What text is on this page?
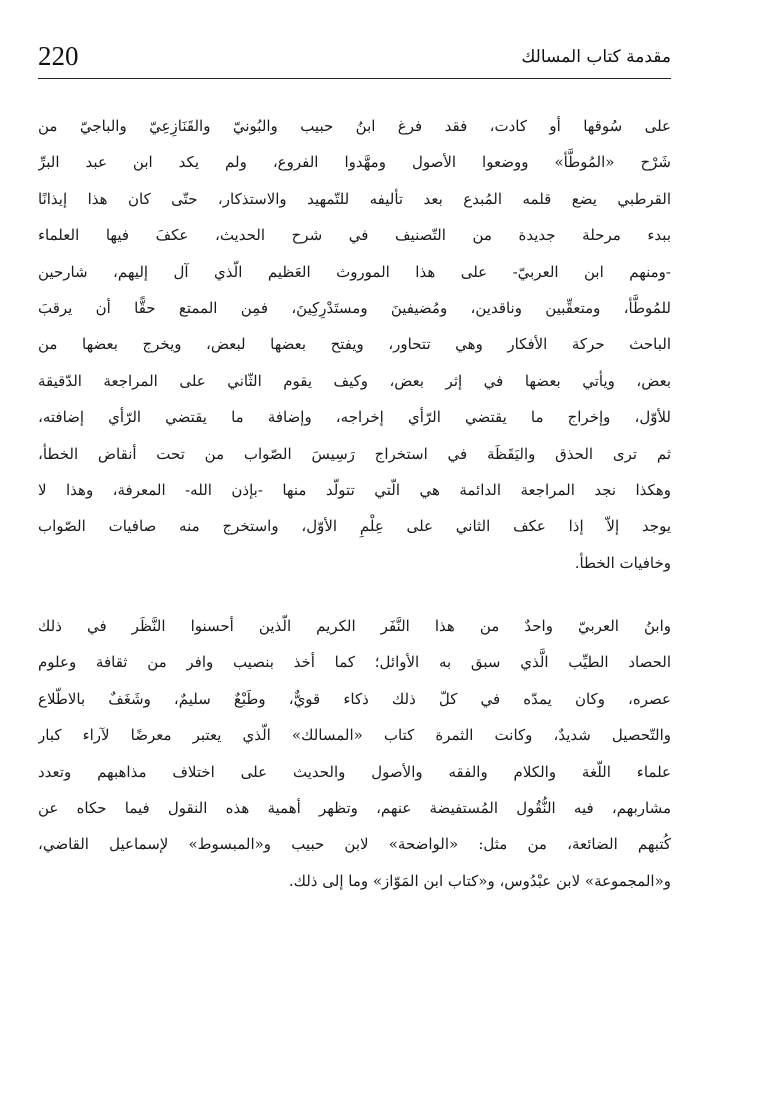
220	مقدمة كتاب المسالك
على سُوقها أو كادت، فقد فرغ ابنُ حبيب والبُونيّ والقَنَازِعِيّ والباجيّ من
شَرْح «المُوطَّأ» ووضعوا الأصول ومهَّدوا الفروع، ولم يكد ابن عبد البرِّ
القرطبي يضع قلمه المُبدع بعد تأليفه للتّمهيد والاستذكار، حتّى كان هذا إيذانًا
ببدء مرحلة جديدة من التّصنيف في شرح الحديث، عكفَ فيها العلماء
-ومنهم ابن العربيّ- على هذا الموروث العَظيم الّذي آل إليهم، شارحين
للمُوطَّأ، ومتعقِّبين وناقدين، ومُضيفينَ ومستَدْرِكِينَ، فمِن الممتع حقًّا أن يرقبَ
الباحث حركة الأفكار وهي تتحاور، ويفتح بعضها لبعض، ويخرج بعضها من
بعض، ويأتي بعضها في إثر بعض، وكيف يقوم الثّاني على المراجعة الدّقيقة
للأوّل، وإخراج ما يقتضي الرّأي إخراجه، وإضافة ما يقتضي الرّأي إضافته،
ثم ترى الحذق واليَقَظَة في استخراج رَسِيسَ الصّواب من تحت أنقاض الخطأ،
وهكذا نجد المراجعة الدائمة هي الّتي تتولّد منها -بإذن الله- المعرفة، وهذا لا
يوجد إلاّ إذا عكف الثاني على عِلْمِ الأوّل، واستخرج منه صافيات الصّواب
وخافيات الخطأ.
وابنُ العربيّ واحدٌ من هذا النَّفَر الكريم الّذين أحسنوا النَّظَر في ذلك
الحصاد الطيِّب الَّذي سبق به الأوائل؛ كما أخذ بنصيب وافر من ثقافة وعلوم
عصره، وكان يمدّه في كلّ ذلك ذكاء قويٌّ، وطَبْعٌ سليمٌ، وشَغَفٌ بالاطّلاع
والتّحصيل شديدٌ، وكانت الثمرة كتاب «المسالك» الّذي يعتبر معرضًا لآراء كبار
علماء اللّغة والكلام والفقه والأصول والحديث على اختلاف مذاهبهم وتعدد
مشاربهم، فيه النُّقُول المُستفيضة عنهم، وتظهر أهمية هذه النقول فيما حكاه عن
كُتبهم الضائعة، من مثل: «الواضحة» لابن حبيب و«المبسوط» لإسماعيل القاضي،
و«المجموعة» لابن عبْدُوس، و«كتاب ابن المَوّاز» وما إلى ذلك.
